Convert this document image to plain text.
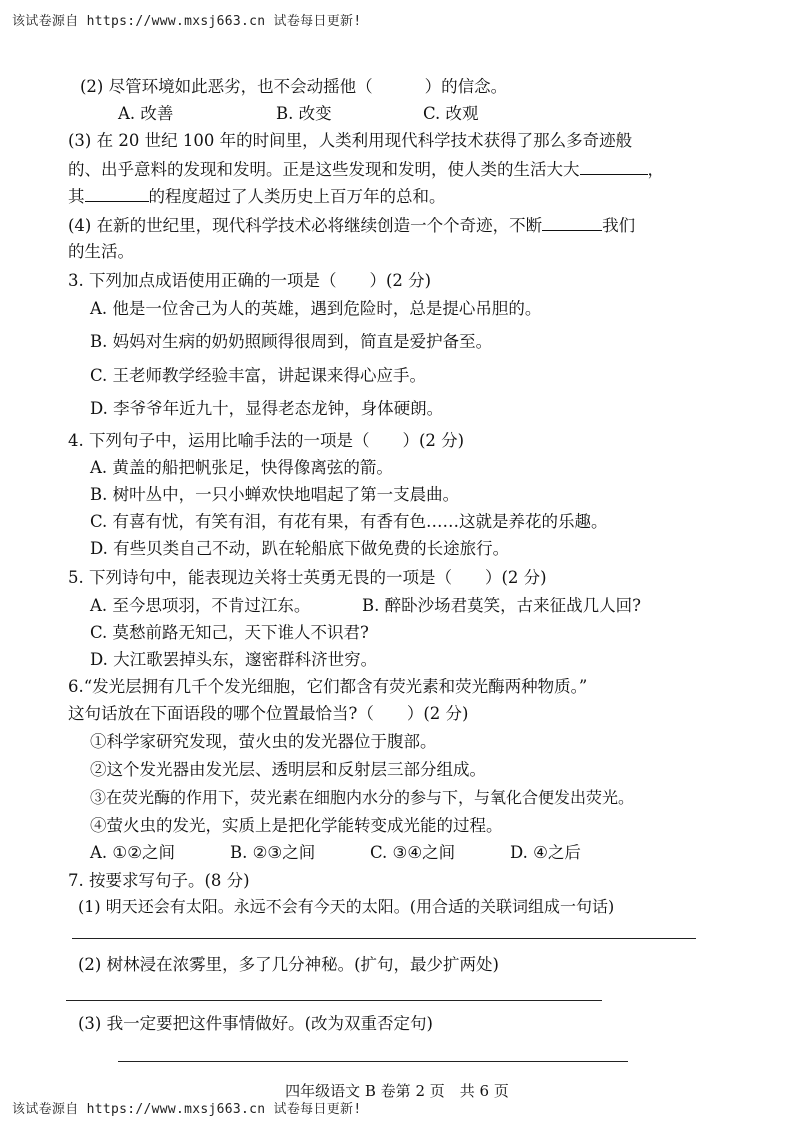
该试卷源自 https://www.mxsj663.cn 试卷每日更新!
(2) 尽管环境如此恶劣，也不会动摇他（	）的信念。
A. 改善	B. 改变	C. 改观
(3) 在 20 世纪 100 年的时间里，人类利用现代科学技术获得了那么多奇迹般
的、出乎意料的发现和发明。正是这些发现和发明，使人类的生活大大	，
其	的程度超过了人类历史上百万年的总和。
(4) 在新的世纪里，现代科学技术必将继续创造一个个奇迹，不断	我们
的生活。
3. 下列加点成语使用正确的一项是（　　）(2 分)
A. 他是一位舍己为人的英雄，遇到危险时，总是提心吊胆的。
B. 妈妈对生病的奶奶照顾得很周到，简直是爱护备至。
C. 王老师教学经验丰富，讲起课来得心应手。
D. 李爷爷年近九十，显得老态龙钟，身体硬朗。
4. 下列句子中，运用比喻手法的一项是（　　）(2 分)
A. 黄盖的船把帆张足，快得像离弦的箭。
B. 树叶丛中，一只小蝉欢快地唱起了第一支晨曲。
C. 有喜有忧，有笑有泪，有花有果，有香有色……这就是养花的乐趣。
D. 有些贝类自己不动，趴在轮船底下做免费的长途旅行。
5. 下列诗句中，能表现边关将士英勇无畏的一项是（　　）(2 分)
A. 至今思项羽，不肯过江东。	B. 醉卧沙场君莫笑，古来征战几人回?
C. 莫愁前路无知己，天下谁人不识君?
D. 大江歌罢掉头东，邃密群科济世穷。
6.“发光层拥有几千个发光细胞，它们都含有荧光素和荧光酶两种物质。”
这句话放在下面语段的哪个位置最恰当?（　　）(2 分)
①科学家研究发现，萤火虫的发光器位于腹部。
②这个发光器由发光层、透明层和反射层三部分组成。
③在荧光酶的作用下，荧光素在细胞内水分的参与下，与氧化合便发出荧光。
④萤火虫的发光，实质上是把化学能转变成光能的过程。
A. ①②之间	B. ②③之间	C. ③④之间	D. ④之后
7. 按要求写句子。(8 分)
(1) 明天还会有太阳。永远不会有今天的太阳。(用合适的关联词组成一句话)
(2) 树林浸在浓雾里，多了几分神秘。(扩句，最少扩两处)
(3) 我一定要把这件事情做好。(改为双重否定句)
四年级语文 B 卷第 2 页　共 6 页
该试卷源自 https://www.mxsj663.cn 试卷每日更新!
